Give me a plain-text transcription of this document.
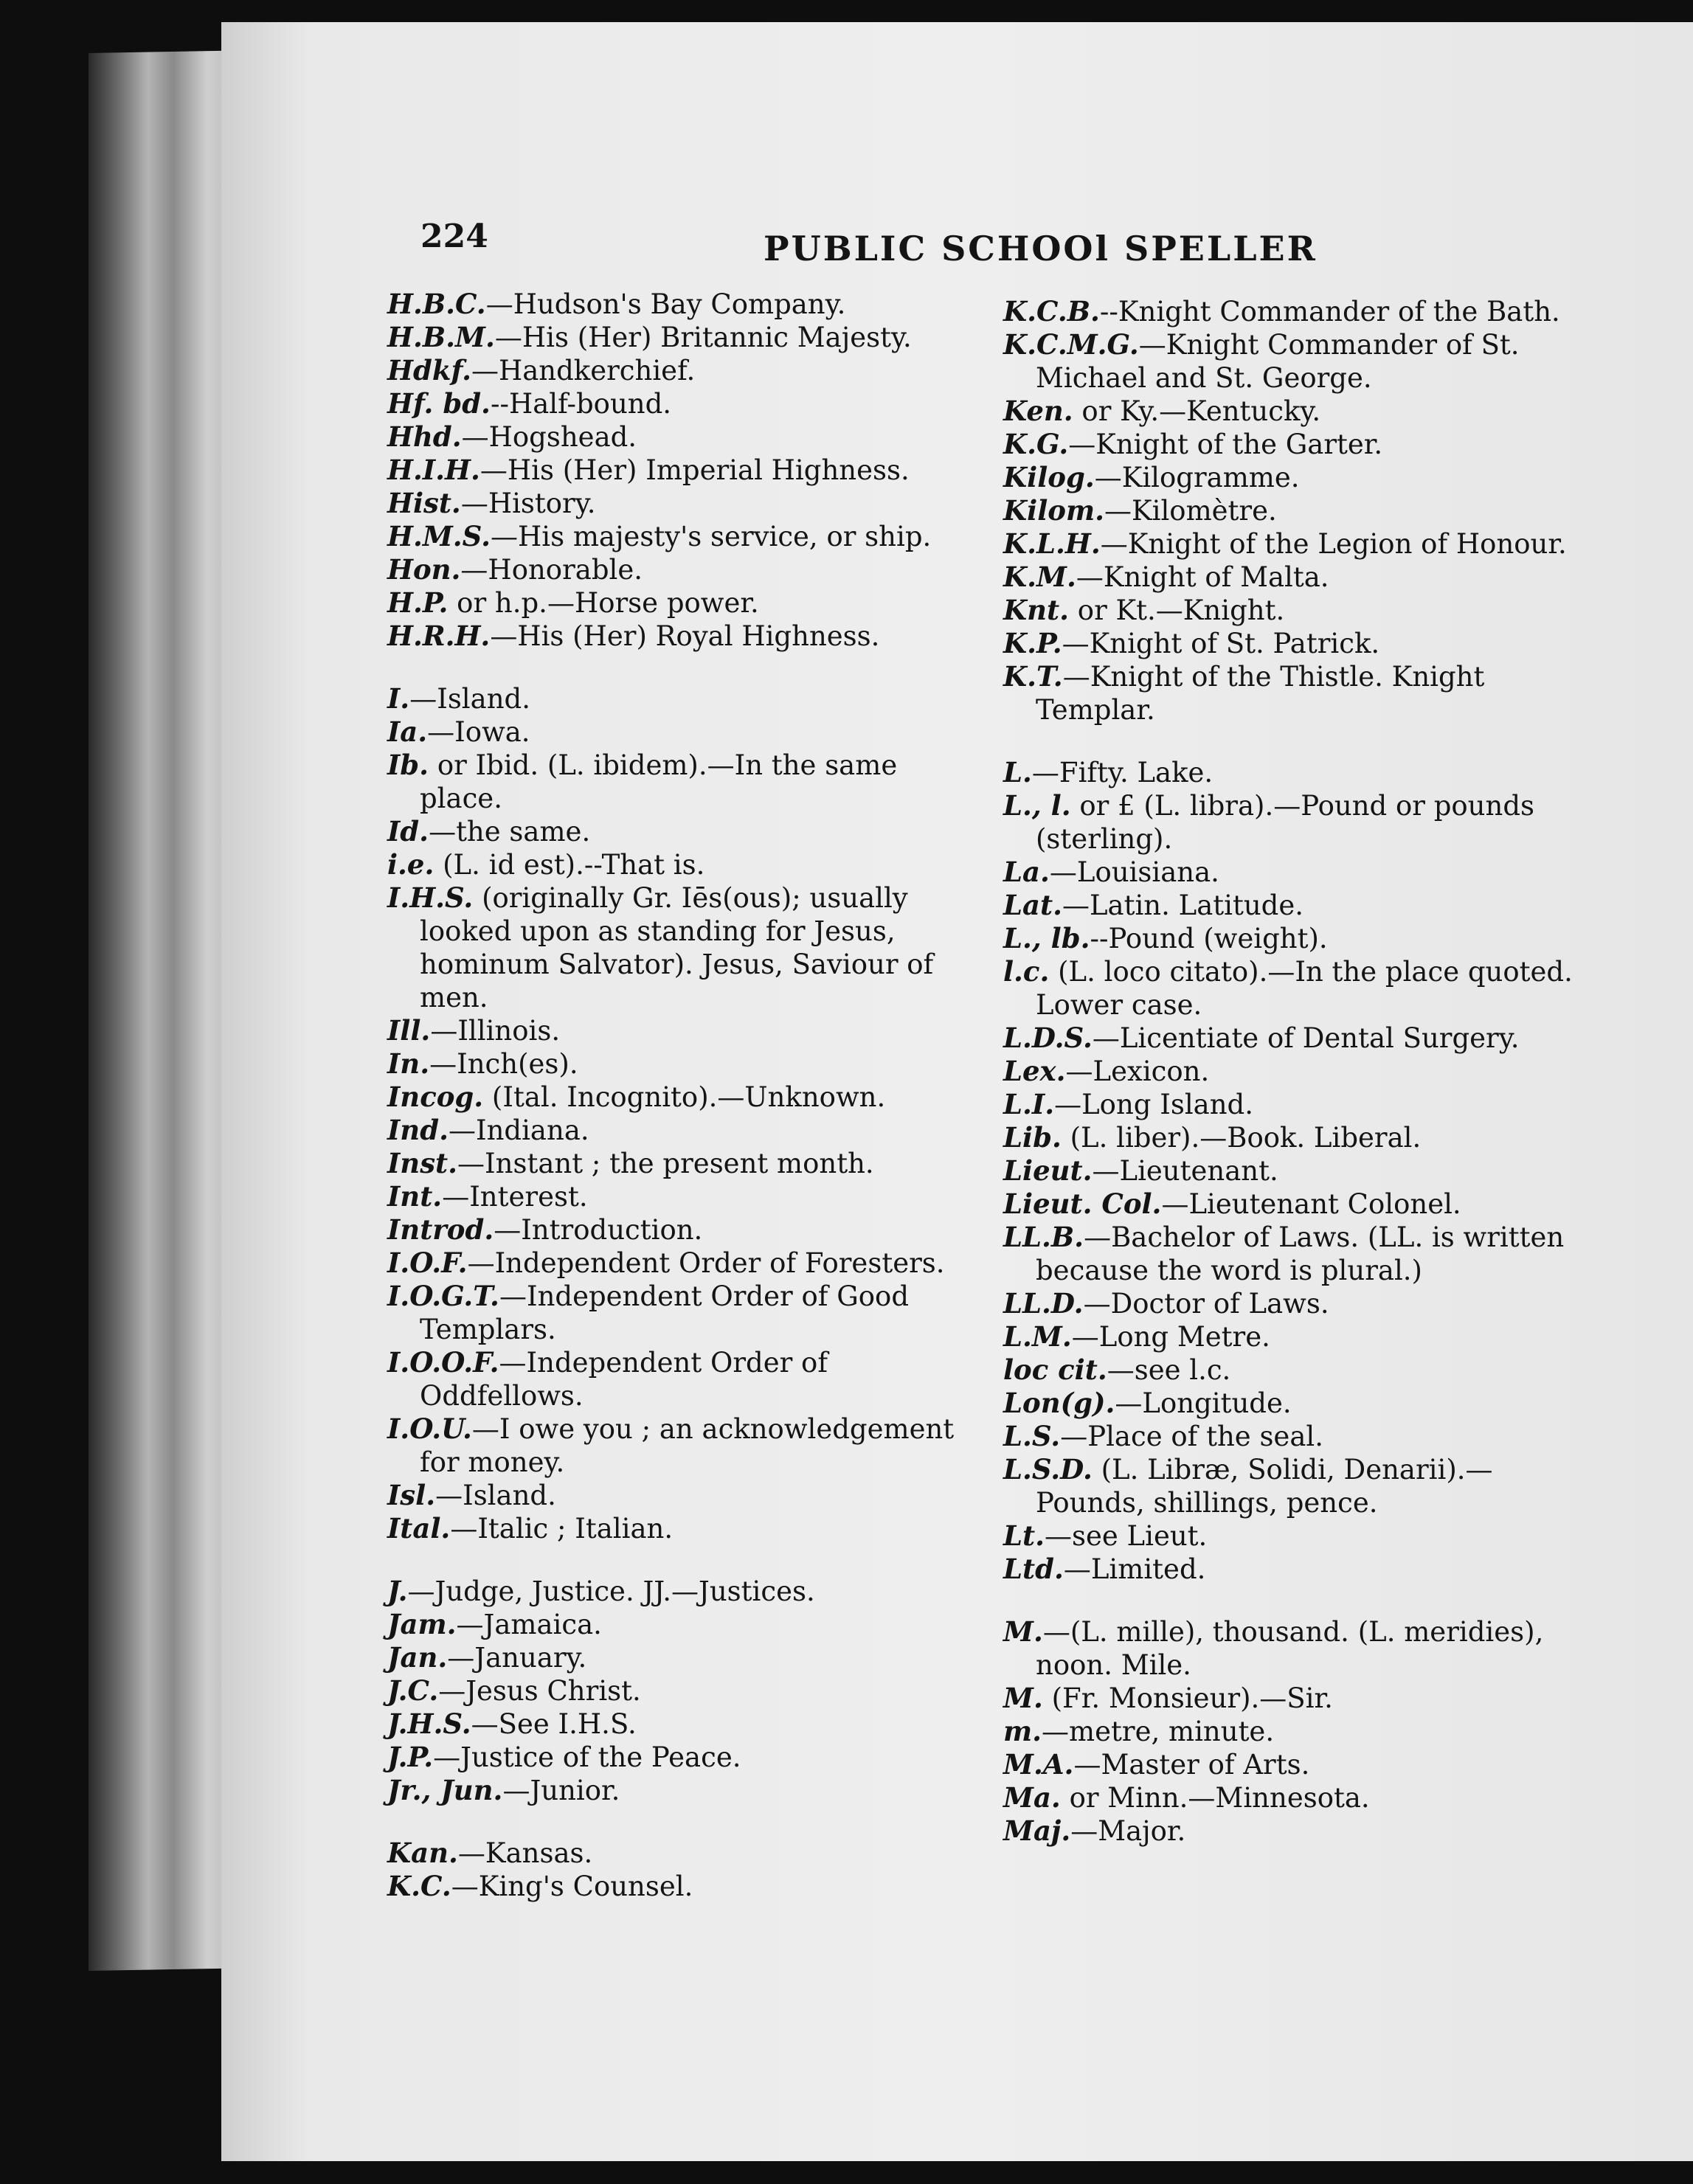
224	PUBLIC SCHOOl SPELLER
H.B.C.—Hudson's Bay Company.
H.B.M.—His (Her) Britannic Majesty.
Hdkf.—Handkerchief.
Hf. bd.--Half-bound.
Hhd.—Hogshead.
H.I.H.—His (Her) Imperial Highness.
Hist.—History.
H.M.S.—His majesty's service, or ship.
Hon.—Honorable.
H.P. or h.p.—Horse power.
H.R.H.—His (Her) Royal Highness.
I.—Island.
Ia.—Iowa.
Ib. or Ibid. (L. ibidem).—In the same place.
Id.—the same.
i.e. (L. id est).--That is.
I.H.S. (originally Gr. Iēs(ous); usually looked upon as standing for Jesus, hominum Salvator). Jesus, Saviour of men.
Ill.—Illinois.
In.—Inch(es).
Incog. (Ital. Incognito).—Unknown.
Ind.—Indiana.
Inst.—Instant ; the present month.
Int.—Interest.
Introd.—Introduction.
I.O.F.—Independent Order of Foresters.
I.O.G.T.—Independent Order of Good Templars.
I.O.O.F.—Independent Order of Oddfellows.
I.O.U.—I owe you ; an acknowledgement for money.
Isl.—Island.
Ital.—Italic ; Italian.
J.—Judge, Justice. JJ.—Justices.
Jam.—Jamaica.
Jan.—January.
J.C.—Jesus Christ.
J.H.S.—See I.H.S.
J.P.—Justice of the Peace.
Jr., Jun.—Junior.
Kan.—Kansas.
K.C.—King's Counsel.
K.C.B.--Knight Commander of the Bath.
K.C.M.G.—Knight Commander of St. Michael and St. George.
Ken. or Ky.—Kentucky.
K.G.—Knight of the Garter.
Kilog.—Kilogramme.
Kilom.—Kilomètre.
K.L.H.—Knight of the Legion of Honour.
K.M.—Knight of Malta.
Knt. or Kt.—Knight.
K.P.—Knight of St. Patrick.
K.T.—Knight of the Thistle. Knight Templar.
L.—Fifty. Lake.
L., l. or £ (L. libra).—Pound or pounds (sterling).
La.—Louisiana.
Lat.—Latin. Latitude.
L., lb.--Pound (weight).
l.c. (L. loco citato).—In the place quoted. Lower case.
L.D.S.—Licentiate of Dental Surgery.
Lex.—Lexicon.
L.I.—Long Island.
Lib. (L. liber).—Book. Liberal.
Lieut.—Lieutenant.
Lieut. Col.—Lieutenant Colonel.
LL.B.—Bachelor of Laws. (LL. is written because the word is plural.)
LL.D.—Doctor of Laws.
L.M.—Long Metre.
loc cit.—see l.c.
Lon(g).—Longitude.
L.S.—Place of the seal.
L.S.D. (L. Libræ, Solidi, Denarii).—Pounds, shillings, pence.
Lt.—see Lieut.
Ltd.—Limited.
M.—(L. mille), thousand. (L. meridies), noon. Mile.
M. (Fr. Monsieur).—Sir.
m.—metre, minute.
M.A.—Master of Arts.
Ma. or Minn.—Minnesota.
Maj.—Major.
